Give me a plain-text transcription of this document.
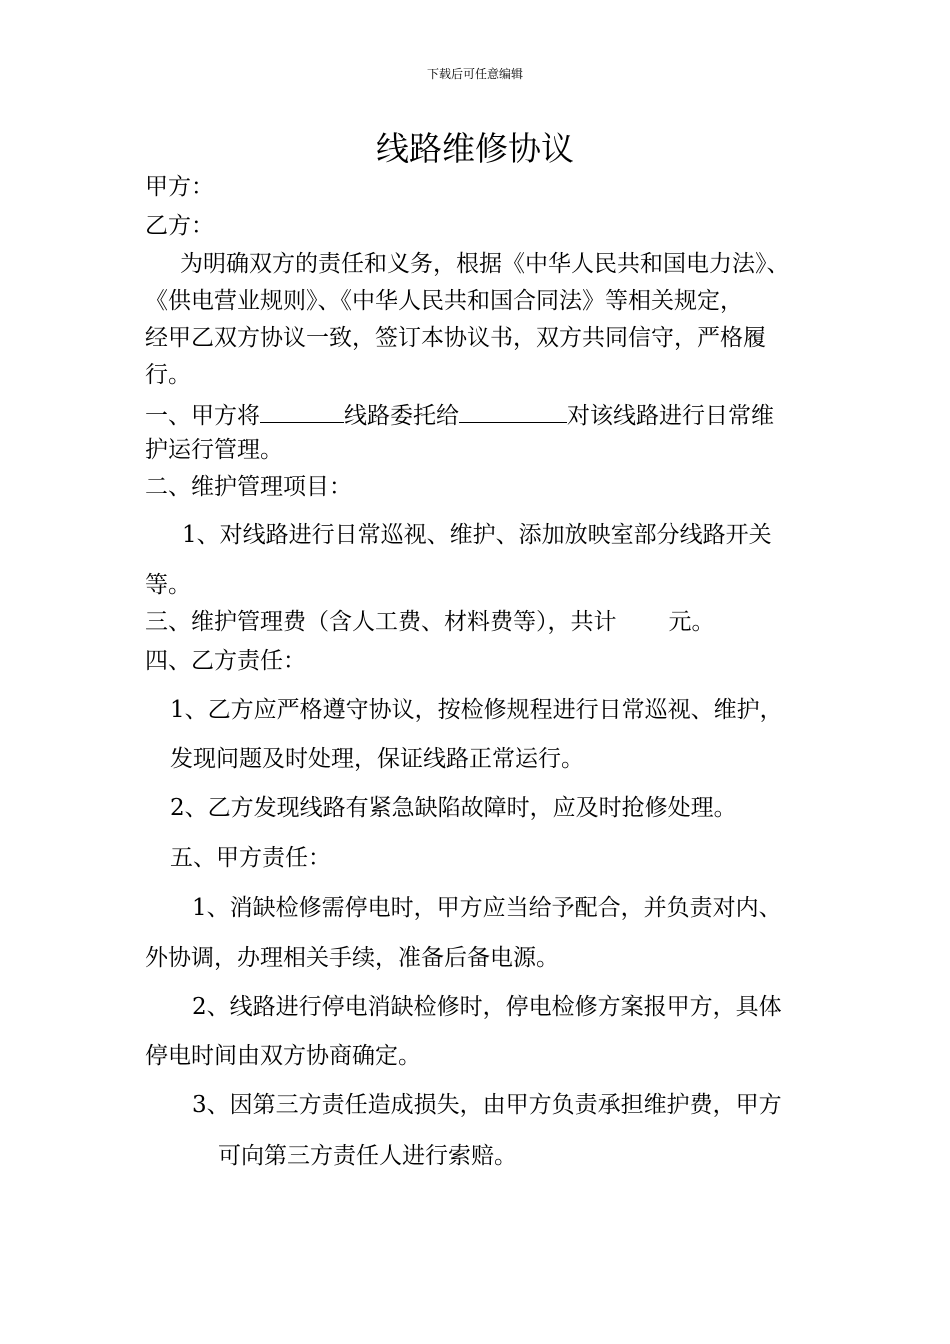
下载后可任意编辑
线路维修协议
甲方：
乙方：
为明确双方的责任和义务，根据《中华人民共和国电力法》、
《供电营业规则》、《中华人民共和国合同法》等相关规定，
经甲乙双方协议一致，签订本协议书，双方共同信守，严格履
行。
一、甲方将	线路委托给	对该线路进行日常维
护运行管理。
二、维护管理项目：
1、对线路进行日常巡视、维护、添加放映室部分线路开关
等。
三、维护管理费（含人工费、材料费等），共计 元。
四、乙方责任：
1、乙方应严格遵守协议，按检修规程进行日常巡视、维护，
发现问题及时处理，保证线路正常运行。
2、乙方发现线路有紧急缺陷故障时，应及时抢修处理。
五、甲方责任：
1、消缺检修需停电时，甲方应当给予配合，并负责对内、
外协调，办理相关手续，准备后备电源。
2、线路进行停电消缺检修时，停电检修方案报甲方，具体
停电时间由双方协商确定。
3、因第三方责任造成损失，由甲方负责承担维护费，甲方
可向第三方责任人进行索赔。
